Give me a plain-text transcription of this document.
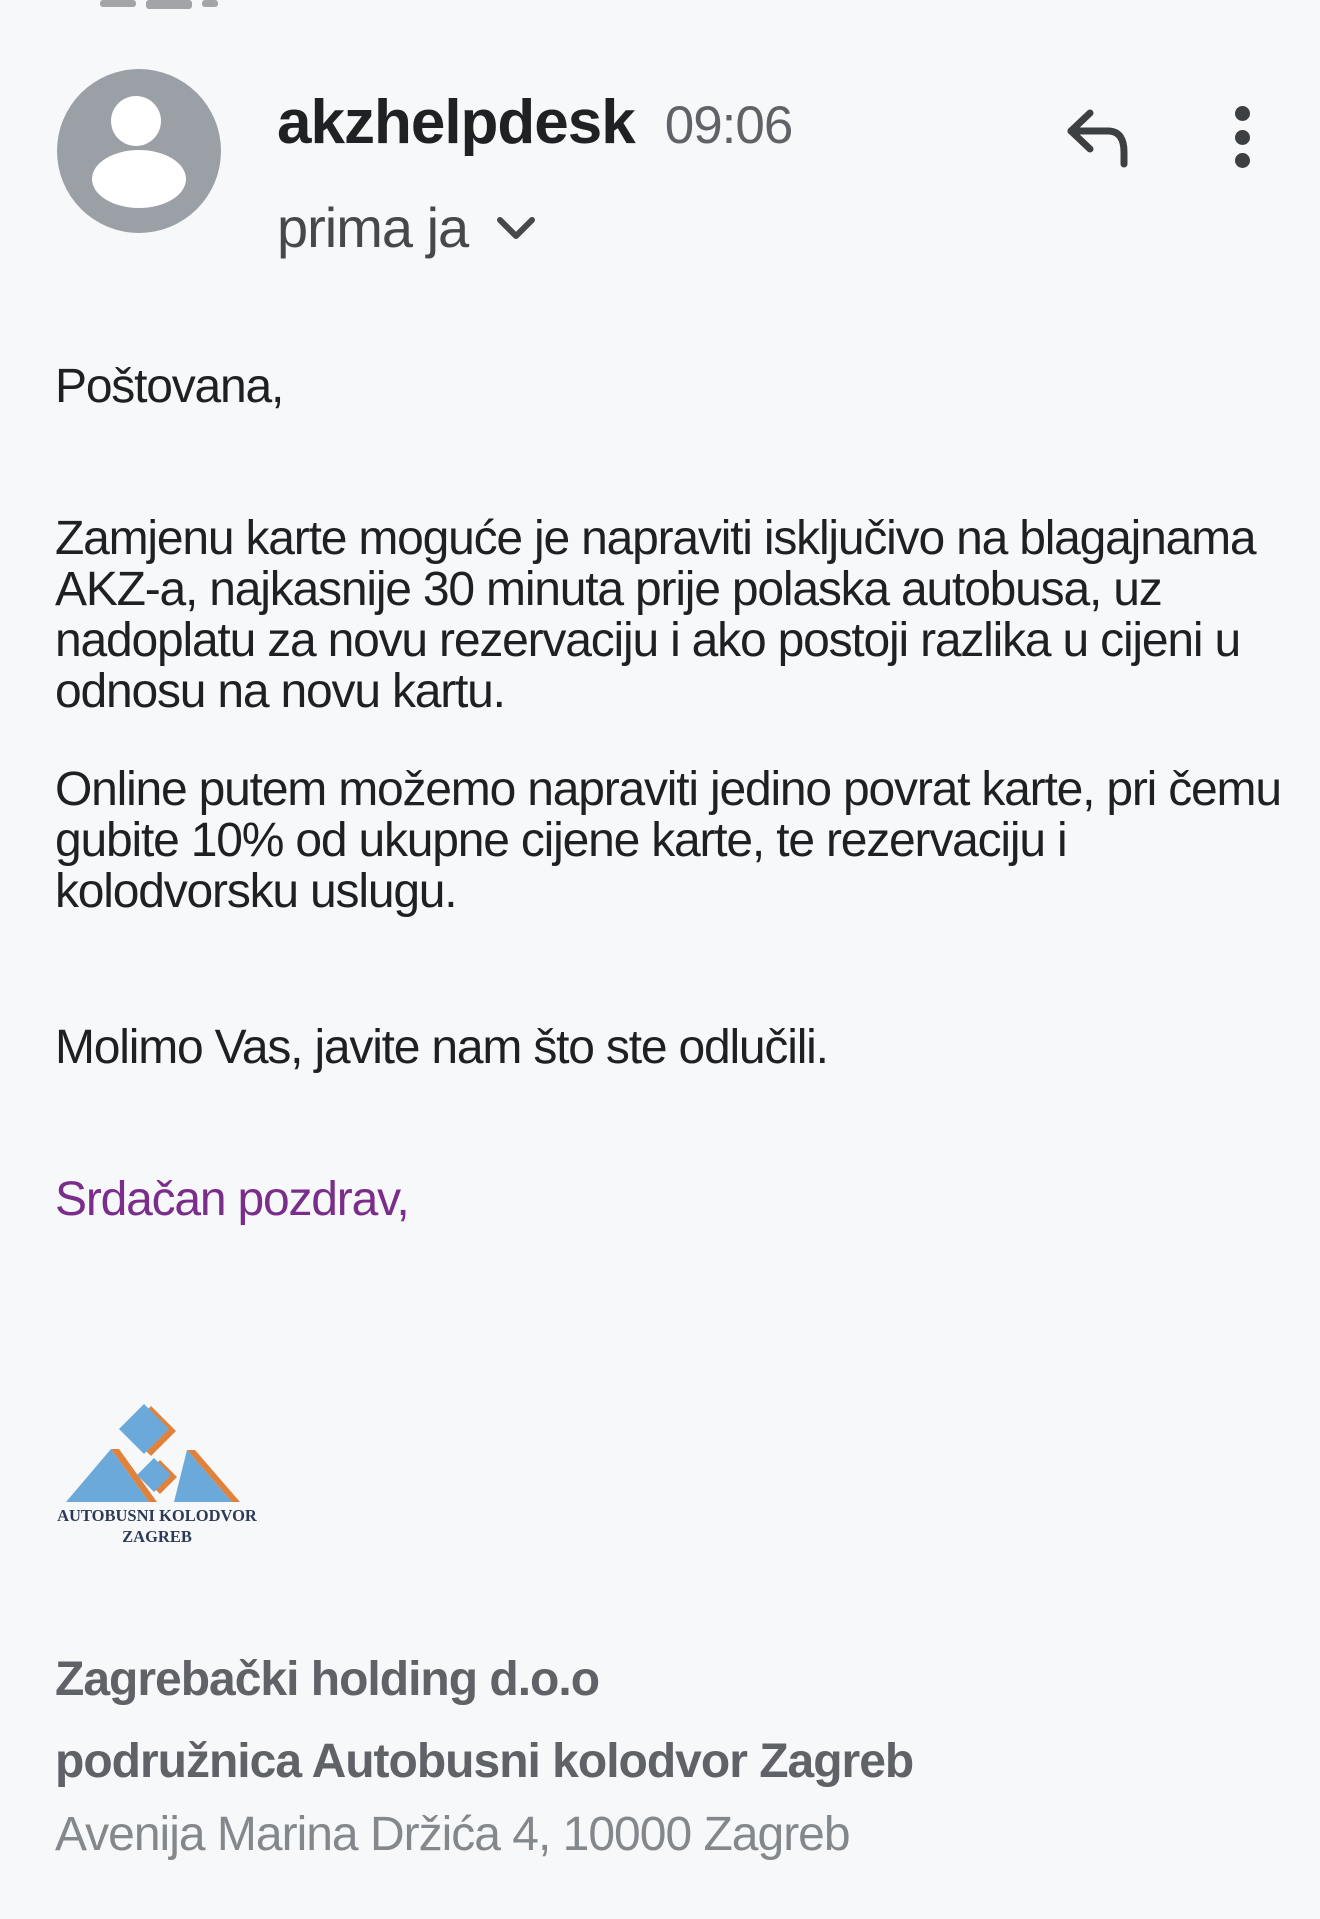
akzhelpdesk 09:06
prima ja
Poštovana,
Zamjenu karte moguće je napraviti isključivo na blagajnama
AKZ-a, najkasnije 30 minuta prije polaska autobusa, uz
nadoplatu za novu rezervaciju i ako postoji razlika u cijeni u
odnosu na novu kartu.
Online putem možemo napraviti jedino povrat karte, pri čemu
gubite 10% od ukupne cijene karte, te rezervaciju i
kolodvorsku uslugu.
Molimo Vas, javite nam što ste odlučili.
Srdačan pozdrav,
AUTOBUSNI KOLODVOR
ZAGREB
Zagrebački holding d.o.o
podružnica Autobusni kolodvor Zagreb
Avenija Marina Držića 4, 10000 Zagreb
